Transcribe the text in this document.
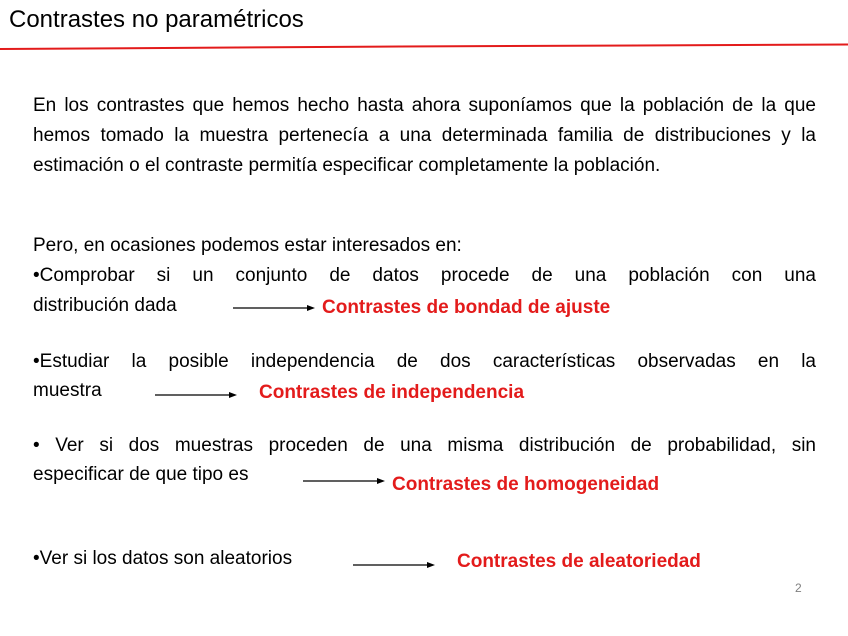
Contrastes no paramétricos
En los contrastes que hemos hecho hasta ahora suponíamos que la población de la que hemos tomado la muestra pertenecía a una determinada familia de distribuciones y la estimación o el contraste permitía especificar completamente la población.
Pero, en ocasiones podemos estar interesados en:
•Comprobar si un conjunto de datos procede de una población con una
distribución dada	Contrastes de bondad de ajuste
•Estudiar la posible independencia de dos características observadas en la
muestra	Contrastes de independencia
• Ver si dos muestras proceden de una misma distribución de probabilidad, sin
especificar de que tipo es	Contrastes de homogeneidad
•Ver si los datos son aleatorios	Contrastes de aleatoriedad
2
